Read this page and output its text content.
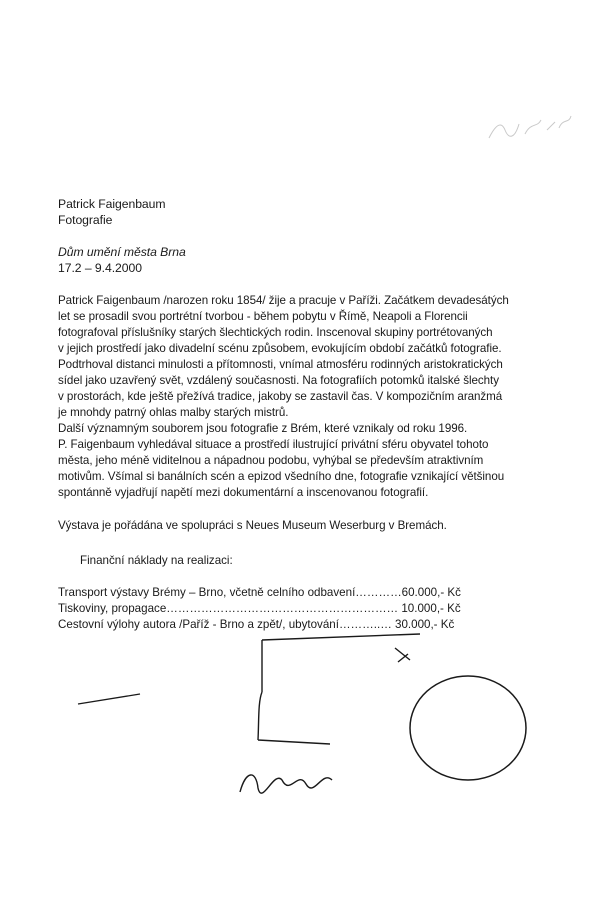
Patrick Faigenbaum
Fotografie
Dům umění města Brna
17.2 – 9.4.2000
Patrick Faigenbaum /narozen roku 1854/ žije a pracuje v Paříži. Začátkem devadesátých
let se prosadil svou portrétní tvorbou - během pobytu v Římě, Neapoli a Florencii
fotografoval příslušníky starých šlechtických rodin. Inscenoval skupiny portrétovaných
v jejich prostředí jako divadelní scénu způsobem, evokujícím období začátků fotografie.
Podtrhoval distanci minulosti a přítomnosti, vnímal atmosféru rodinných aristokratických
sídel jako uzavřený svět, vzdálený současnosti. Na fotografiích potomků italské šlechty
v prostorách, kde ještě přežívá tradice, jakoby se zastavil čas. V kompozičním aranžmá
je mnohdy patrný ohlas malby starých mistrů.
Další významným souborem jsou fotografie z Brém, které vznikaly od roku 1996.
P. Faigenbaum vyhledával situace a prostředí ilustrující privátní sféru obyvatel tohoto
města, jeho méně viditelnou a nápadnou podobu, vyhýbal se především atraktivním
motivům. Všímal si banálních scén a epizod všedního dne, fotografie vznikající většinou
spontánně vyjadřují napětí mezi dokumentární a inscenovanou fotografií.
Výstava je pořádána ve spolupráci s Neues Museum Weserburg v Bremách.
Finanční náklady na realizaci:
Transport výstavy Brémy – Brno, včetně celního odbavení…………60.000,- Kč
Tiskoviny, propagace…………………………………………………… 10.000,- Kč
Cestovní výlohy autora /Paříž - Brno a zpět/, ubytování………..… 30.000,- Kč
Faigenbaum
fotografie
16.4.
Brno jen Brno
Hello
